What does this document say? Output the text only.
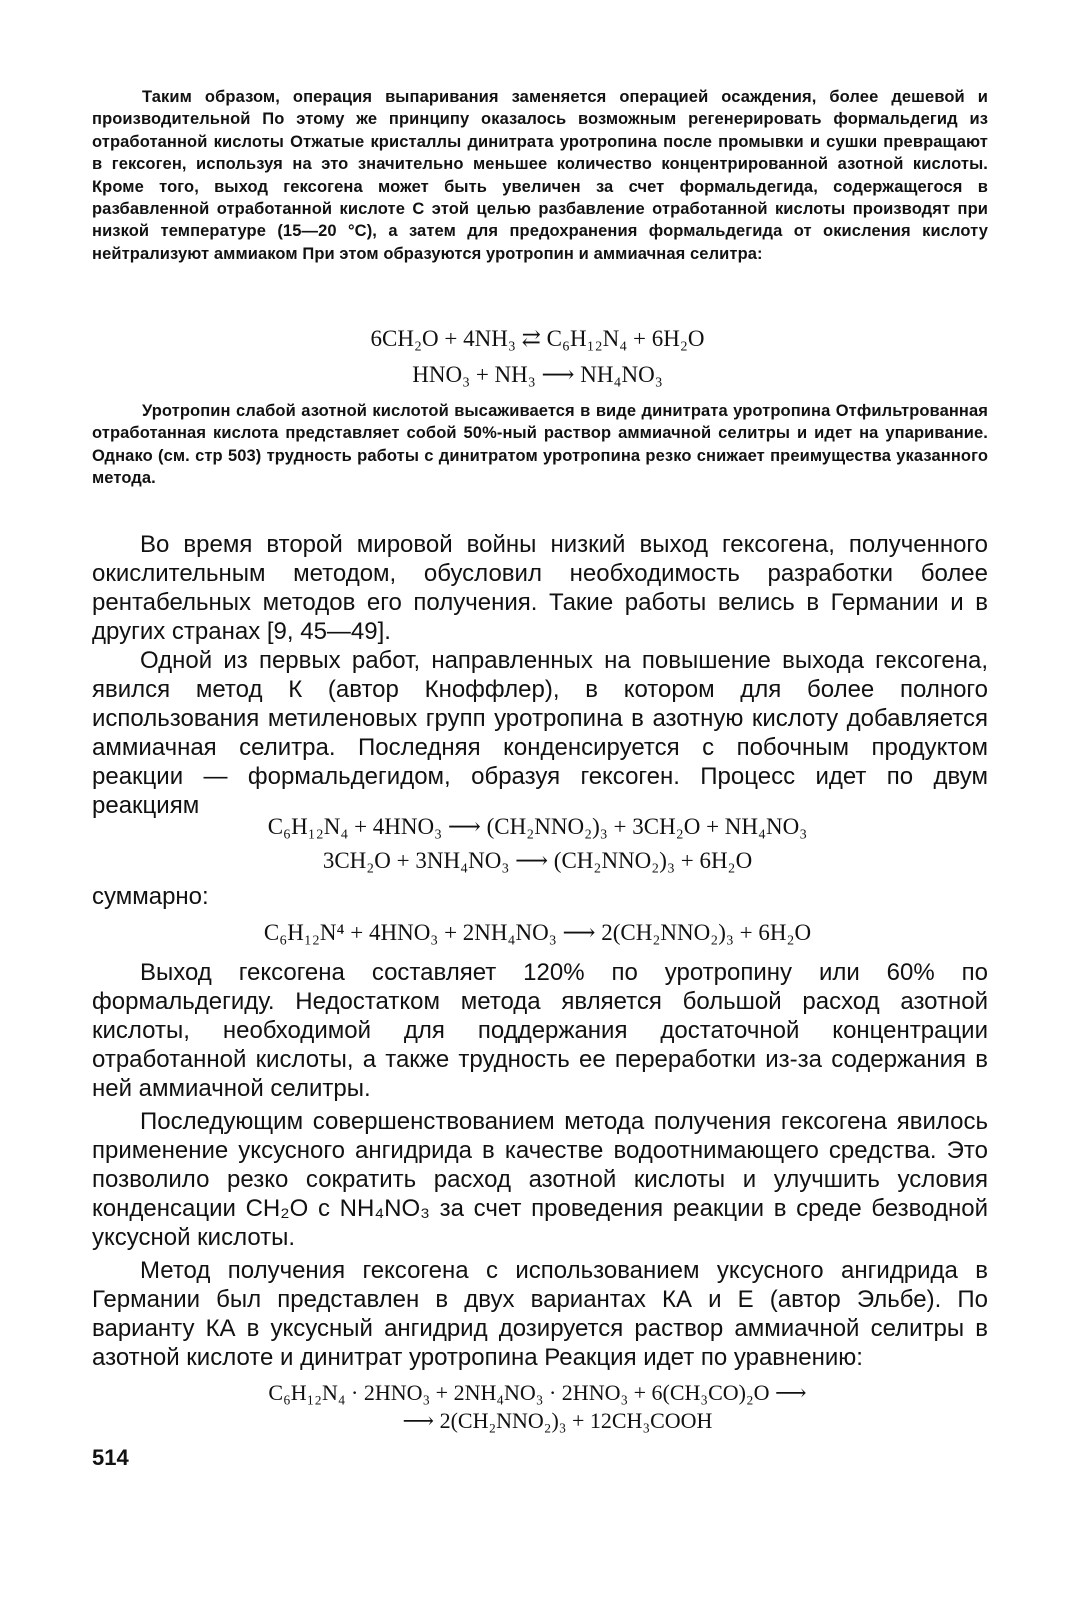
Таким образом, операция выпаривания заменяется операцией осаждения, более дешевой и производительной По этому же принципу оказалось возможным регенерировать формальдегид из отработанной кислоты Отжатые кристаллы динитрата уротропина после промывки и сушки превращают в гексоген, используя на это значительно меньшее количество концентрированной азотной кислоты. Кроме того, выход гексогена может быть увеличен за счет формальдегида, содержащегося в разбавленной отработанной кислоте С этой целью разбавление отработанной кислоты производят при низкой температуре (15—20 °С), а затем для предохранения формальдегида от окисления кислоту нейтрализуют аммиаком При этом образуются уротропин и аммиачная селитра:

6CH₂O + 4NH₃ ⇄ C₆H₁₂N₄ + 6H₂O
HNO₃ + NH₃ ⟶ NH₄NO₃

Уротропин слабой азотной кислотой высаживается в виде динитрата уротропина Отфильтрованная отработанная кислота представляет собой 50%-ный раствор аммиачной селитры и идет на упаривание. Однако (см. стр 503) трудность работы с динитратом уротропина резко снижает преимущества указанного метода.

Во время второй мировой войны низкий выход гексогена, полученного окислительным методом, обусловил необходимость разработки более рентабельных методов его получения. Такие работы велись в Германии и в других странах [9, 45—49].

Одной из первых работ, направленных на повышение выхода гексогена, явился метод К (автор Кноффлер), в котором для более полного использования метиленовых групп уротропина в азотную кислоту добавляется аммиачная селитра. Последняя конденсируется с побочным продуктом реакции — формальдегидом, образуя гексоген. Процесс идет по двум реакциям

C₆H₁₂N₄ + 4HNO₃ ⟶ (CH₂NNO₂)₃ + 3CH₂O + NH₄NO₃
3CH₂O + 3NH₄NO₃ ⟶ (CH₂NNO₂)₃ + 6H₂O
суммарно:
C₆H₁₂N⁴ + 4HNO₃ + 2NH₄NO₃ ⟶ 2(CH₂NNO₂)₃ + 6H₂O

Выход гексогена составляет 120% по уротропину или 60% по формальдегиду. Недостатком метода является большой расход азотной кислоты, необходимой для поддержания достаточной концентрации отработанной кислоты, а также трудность ее переработки из-за содержания в ней аммиачной селитры.

Последующим совершенствованием метода получения гексогена явилось применение уксусного ангидрида в качестве водоотнимающего средства. Это позволило резко сократить расход азотной кислоты и улучшить условия конденсации CH₂O с NH₄NO₃ за счет проведения реакции в среде безводной уксусной кислоты.

Метод получения гексогена с использованием уксусного ангидрида в Германии был представлен в двух вариантах КА и Е (автор Эльбе). По варианту КА в уксусный ангидрид дозируется раствор аммиачной селитры в азотной кислоте и динитрат уротропина Реакция идет по уравнению:

C₆H₁₂N₄ · 2HNO₃ + 2NH₄NO₃ · 2HNO₃ + 6(CH₃CO)₂O ⟶
⟶ 2(CH₂NNO₂)₃ + 12CH₃COOH
514
